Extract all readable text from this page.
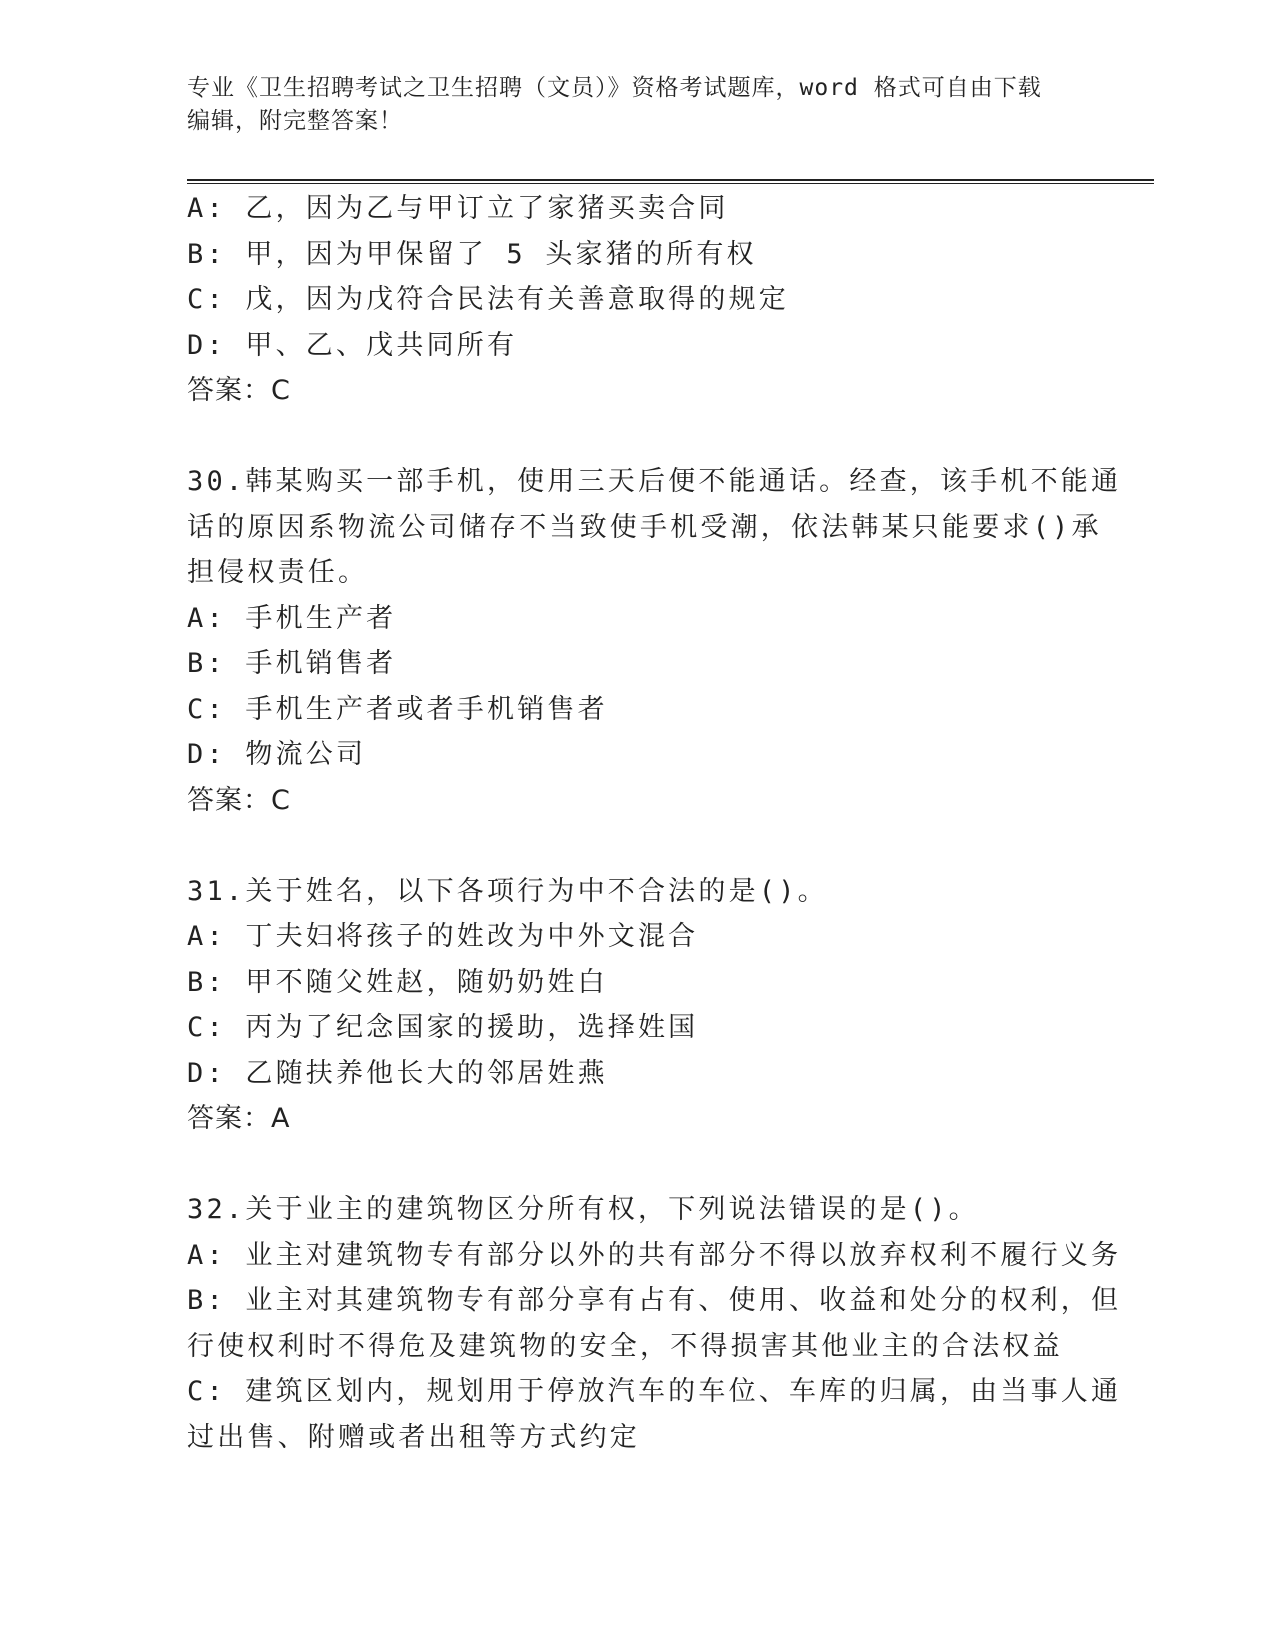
专业《卫生招聘考试之卫生招聘（文员）》资格考试题库，word 格式可自由下载
编辑，附完整答案！
A: 乙，因为乙与甲订立了家猪买卖合同
B: 甲，因为甲保留了 5 头家猪的所有权
C: 戊，因为戊符合民法有关善意取得的规定
D: 甲、乙、戊共同所有
答案：C
30.韩某购买一部手机，使用三天后便不能通话。经查，该手机不能通
话的原因系物流公司储存不当致使手机受潮，依法韩某只能要求()承
担侵权责任。
A: 手机生产者
B: 手机销售者
C: 手机生产者或者手机销售者
D: 物流公司
答案：C
31.关于姓名，以下各项行为中不合法的是()。
A: 丁夫妇将孩子的姓改为中外文混合
B: 甲不随父姓赵，随奶奶姓白
C: 丙为了纪念国家的援助，选择姓国
D: 乙随扶养他长大的邻居姓燕
答案：A
32.关于业主的建筑物区分所有权，下列说法错误的是()。
A: 业主对建筑物专有部分以外的共有部分不得以放弃权利不履行义务
B: 业主对其建筑物专有部分享有占有、使用、收益和处分的权利，但
行使权利时不得危及建筑物的安全，不得损害其他业主的合法权益
C: 建筑区划内，规划用于停放汽车的车位、车库的归属，由当事人通
过出售、附赠或者出租等方式约定
